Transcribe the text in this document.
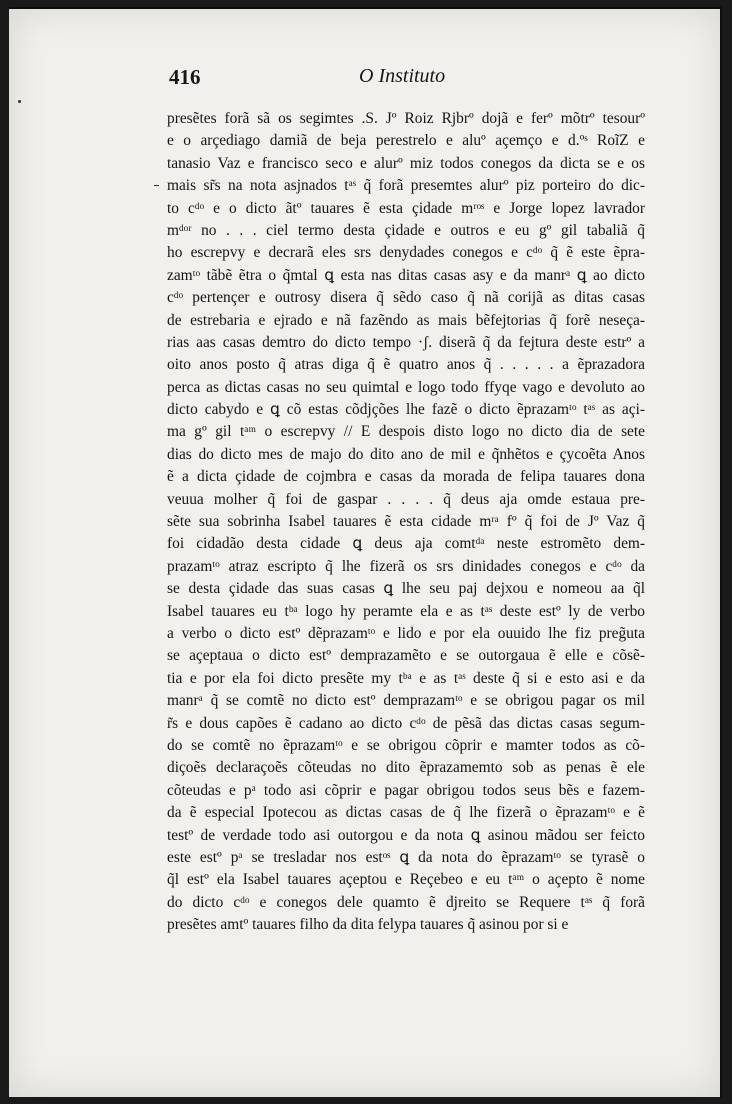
416	O Instituto
presẽtes forã sã os segimtes .S. Jº Roiz Rjbrº dojã e ferº mõtrº tesourº
e o arçediago damiã de beja perestrelo e aluº açemço e d.ºˢ RoĩZ e
tanasio Vaz e francisco seco e alurº miz todos conegos da dicta se e os
mais sr̃s na nota asjnados tᵃˢ q̃ forã presemtes alurº piz porteiro do dic-
to cᵈᵒ e o dicto ãtº tauares ẽ esta çidade mʳᵒˢ e Jorge lopez lavrador
mᵈᵒʳ no . . . ciel termo desta çidade e outros e eu gº gil tabaliã q̃
ho escrepvy e decrarã eles srs denydades conegos e cᵈᵒ q̃ ẽ este ẽpra-
zamᵗᵒ tãbẽ ẽtra o q̃mtal ꝗ esta nas ditas casas asy e da manrᵃ ꝗ ao dicto
cᵈᵒ pertençer e outrosy disera q̃ sẽdo caso q̃ nã corijã as ditas casas
de estrebaria e ejrado e nã fazẽndo as mais bẽfejtorias q̃ forẽ neseça-
rias aas casas demtro do dicto tempo ·ʃ. diserã q̃ da fejtura deste estrº a
oito anos posto q̃ atras diga q̃ ẽ quatro anos q̃ . . . . . a ẽprazadora
perca as dictas casas no seu quimtal e logo todo ffyqe vago e devoluto ao
dicto cabydo e ꝗ cõ estas cõdjções lhe fazẽ o dicto ẽprazamᵗᵒ tᵃˢ as açi-
ma gº gil tᵃᵐ o escrepvy // E despois disto logo no dicto dia de sete
dias do dicto mes de majo do dito ano de mil e q̃nhẽtos e çycoẽta Anos
ẽ a dicta çidade de cojmbra e casas da morada de felipa tauares dona
veuua molher q̃ foi de gaspar . . . . q̃ deus aja omde estaua pre-
sẽte sua sobrinha Isabel tauares ẽ esta cidade mʳᵃ fº q̃ foi de Jº Vaz q̃
foi cidadão desta cidade ꝗ deus aja comtᵈᵃ neste estromẽto dem-
prazamᵗᵒ atraz escripto q̃ lhe fizerã os srs dinidades conegos e cᵈᵒ da
se desta çidade das suas casas ꝗ lhe seu paj dejxou e nomeou aa q̃l
Isabel tauares eu tᵇᵃ logo hy peramte ela e as tᵃˢ deste estº ly de verbo
a verbo o dicto estº dẽprazamᵗᵒ e lido e por ela ouuido lhe fiz preg̃uta
se açeptaua o dicto estº demprazamẽto e se outorgaua ẽ elle e cõsẽ-
tia e por ela foi dicto presẽte my tᵇᵃ e as tᵃˢ deste q̃ si e esto asi e da
manrᵃ q̃ se comtẽ no dicto estº demprazamᵗᵒ e se obrigou pagar os mil
r̃s e dous capões ẽ cadano ao dicto cᵈᵒ de pẽsã das dictas casas segum-
do se comtẽ no ẽprazamᵗᵒ e se obrigou cõprir e mamter todos as cõ-
diçoẽs declaraçoẽs cõteudas no dito ẽprazamemto sob as penas ẽ ele
cõteudas e pᵃ todo asi cõprir e pagar obrigou todos seus bẽs e fazem-
da ẽ especial Ipotecou as dictas casas de q̃ lhe fizerã o ẽprazamᵗᵒ e ẽ
testº de verdade todo asi outorgou e da nota ꝗ asinou mãdou ser feicto
este estº pᵃ se tresladar nos estᵒˢ ꝗ da nota do ẽprazamᵗᵒ se tyrasẽ o
q̃l estº ela Isabel tauares açeptou e Reçebeo e eu tᵃᵐ o açepto ẽ nome
do dicto cᵈᵒ e conegos dele quamto ẽ djreito se Requere tᵃˢ q̃ forã
presẽtes amtº tauares filho da dita felypa tauares q̃ asinou por si e
